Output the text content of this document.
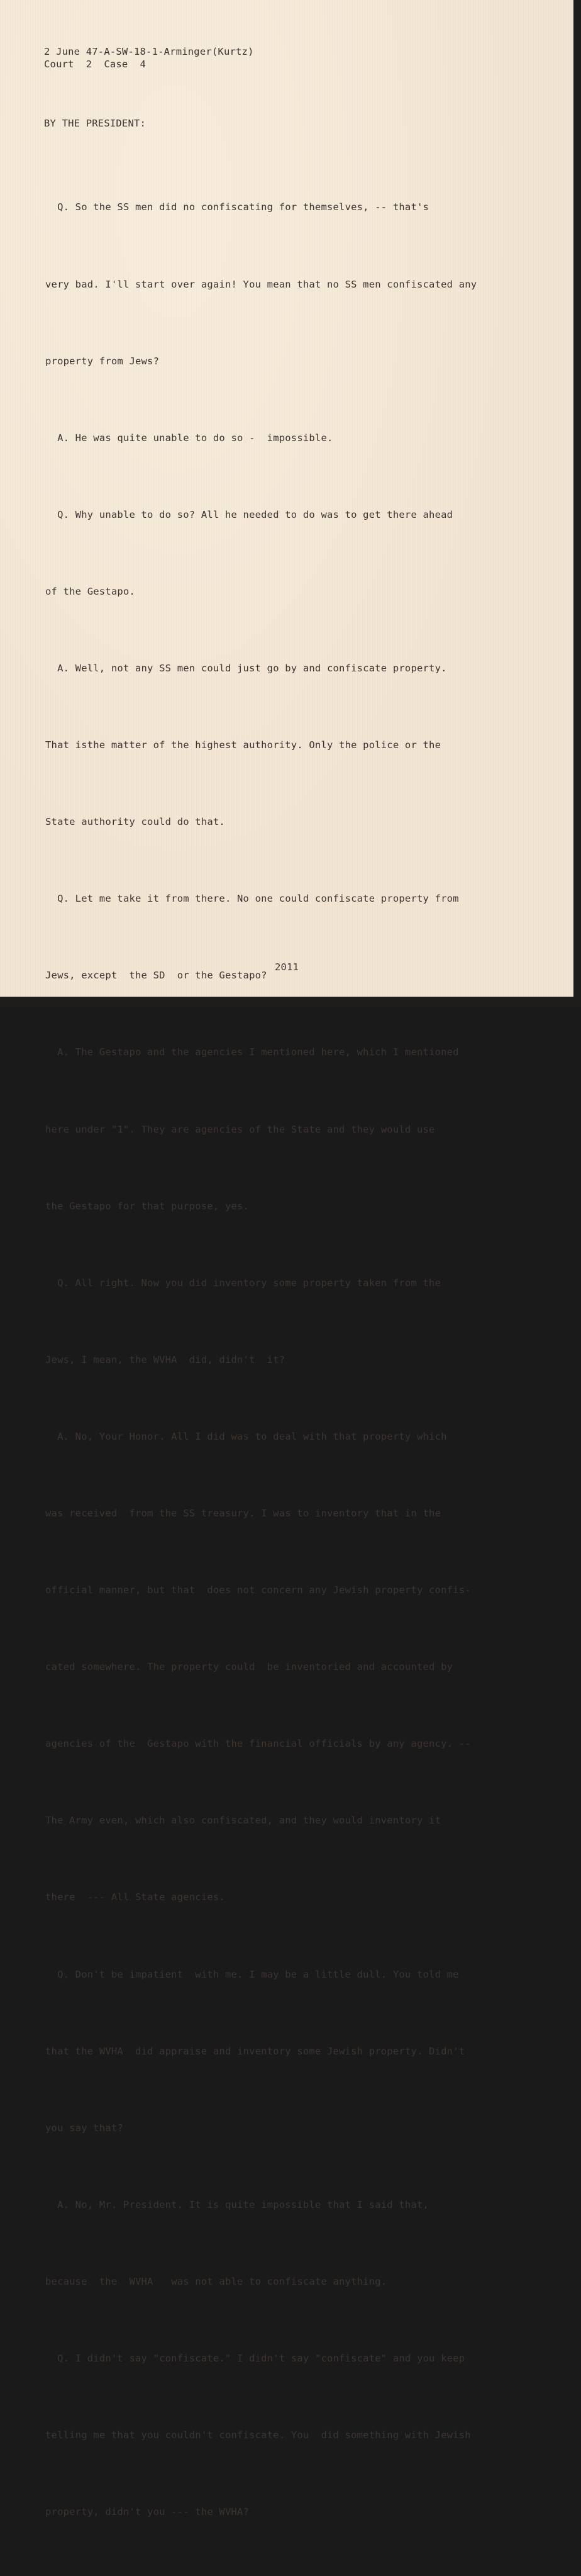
2 June 47-A-SW-18-1-Arminger(Kurtz)
Court  2  Case  4
BY THE PRESIDENT:

Q. So the SS men did no confiscating for themselves, -- that's

very bad. I'll start over again! You mean that no SS men confiscated any

property from Jews?

A. He was quite unable to do so -  impossible.

Q. Why unable to do so? All he needed to do was to get there ahead

of the Gestapo.

A. Well, not any SS men could just go by and confiscate property.

That isthe matter of the highest authority. Only the police or the

State authority could do that.

Q. Let me take it from there. No one could confiscate property from

Jews, except  the SD  or the Gestapo?

A. The Gestapo and the agencies I mentioned here, which I mentioned

here under "1". They are agencies of the State and they would use

the Gestapo for that purpose, yes.

Q. All right. Now you did inventory some property taken from the

Jews, I mean, the WVHA  did, didn't  it?

A. No, Your Honor. All I did was to deal with that property which

was received  from the SS treasury. I was to inventory that in the

official manner, but that  does not concern any Jewish property confis-

cated somewhere. The property could  be inventoried and accounted by

agencies of the  Gestapo with the financial officials by any agency. --

The Army even, which also confiscated, and they would inventory it

there  --- All State agencies.

Q. Don't be impatient  with me. I may be a little dull. You told me

that the WVHA  did appraise and inventory some Jewish property. Didn't

you say that?

A. No, Mr. President. It is quite impossible that I said that,

because  the  WVHA   was not able to confiscate anything.

Q. I didn't say "confiscate." I didn't say "confiscate" and you keep

telling me that you couldn't confiscate. You  did something with Jewish

property, didn't you --- the WVHA?

2011
